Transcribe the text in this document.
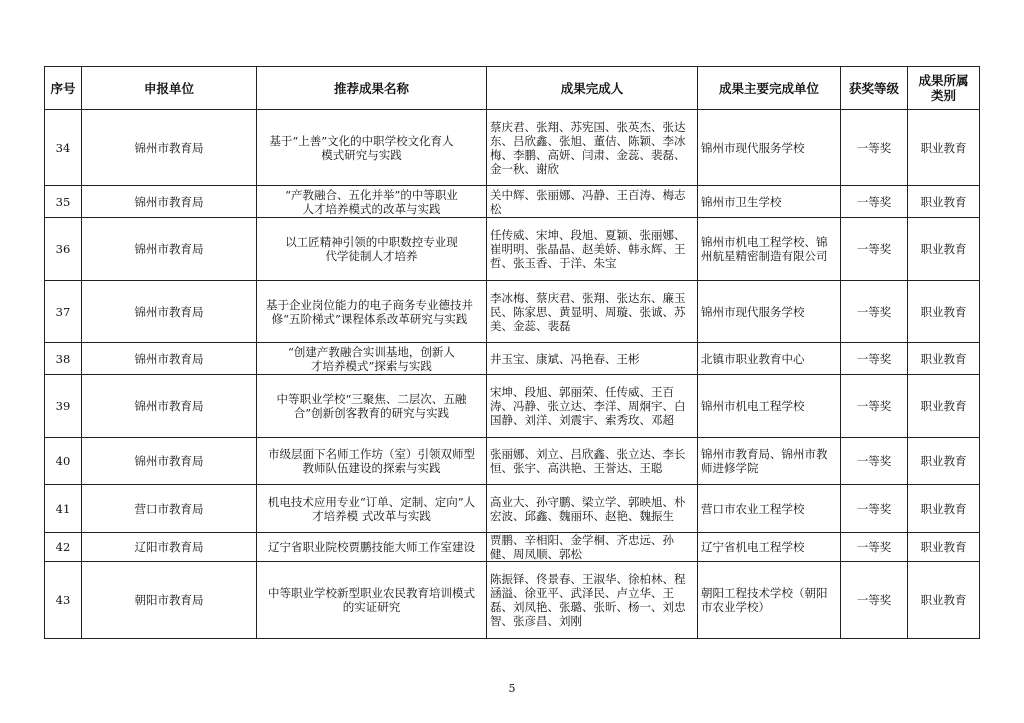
序号	申报单位	推荐成果名称	成果完成人	成果主要完成单位	获奖等级	成果所属类别
34	锦州市教育局	基于“上善”文化的中职学校文化育人模式研究与实践	蔡庆君、张翔、苏宪国、张英杰、张达东、吕欣鑫、张旭、董佶、陈颖、李冰梅、李鹏、高妍、闫肃、金蕊、裴磊、金一秋、谢欣	锦州市现代服务学校	一等奖	职业教育
35	锦州市教育局	“产教融合、五化并举”的中等职业人才培养模式的改革与实践	关中辉、张丽娜、冯静、王百涛、梅志松	锦州市卫生学校	一等奖	职业教育
36	锦州市教育局	以工匠精神引领的中职数控专业现代学徒制人才培养	任传威、宋坤、段旭、夏颖、张丽娜、崔明明、张晶晶、赵美娇、韩永辉、王哲、张玉香、于洋、朱宝	锦州市机电工程学校、锦州航星精密制造有限公司	一等奖	职业教育
37	锦州市教育局	基于企业岗位能力的电子商务专业德技并修“五阶梯式”课程体系改革研究与实践	李冰梅、蔡庆君、张翔、张达东、廉玉民、陈家思、黄显明、周璇、张诚、苏美、金蕊、裴磊	锦州市现代服务学校	一等奖	职业教育
38	锦州市教育局	“创建产教融合实训基地，创新人才培养模式”探索与实践	井玉宝、康斌、冯艳春、王彬	北镇市职业教育中心	一等奖	职业教育
39	锦州市教育局	中等职业学校“三聚焦、二层次、五融合”创新创客教育的研究与实践	宋坤、段旭、郭丽荣、任传威、王百涛、冯静、张立达、李洋、周炯宇、白国静、刘洋、刘震宇、索秀玫、邓超	锦州市机电工程学校	一等奖	职业教育
40	锦州市教育局	市级层面下名师工作坊（室）引领双师型教师队伍建设的探索与实践	张丽娜、刘立、吕欣鑫、张立达、李长恒、张宇、高洪艳、王誉达、王聪	锦州市教育局、锦州市教师进修学院	一等奖	职业教育
41	营口市教育局	机电技术应用专业“订单、定制、定向”人才培养模 式改革与实践	高业大、孙守鹏、梁立学、郭映旭、朴宏波、邱鑫、魏丽环、赵艳、魏振生	营口市农业工程学校	一等奖	职业教育
42	辽阳市教育局	辽宁省职业院校贾鹏技能大师工作室建设	贾鹏、辛相阳、金学桐、齐忠远、孙健、周凤顺、郭松	辽宁省机电工程学校	一等奖	职业教育
43	朝阳市教育局	中等职业学校新型职业农民教育培训模式的实证研究	陈振铎、佟景春、王淑华、徐柏林、程涵溢、徐亚平、武泽民、卢立华、王磊、刘凤艳、张璐、张昕、杨一、刘忠智、张彦昌、刘刚	朝阳工程技术学校（朝阳市农业学校）	一等奖	职业教育
5
